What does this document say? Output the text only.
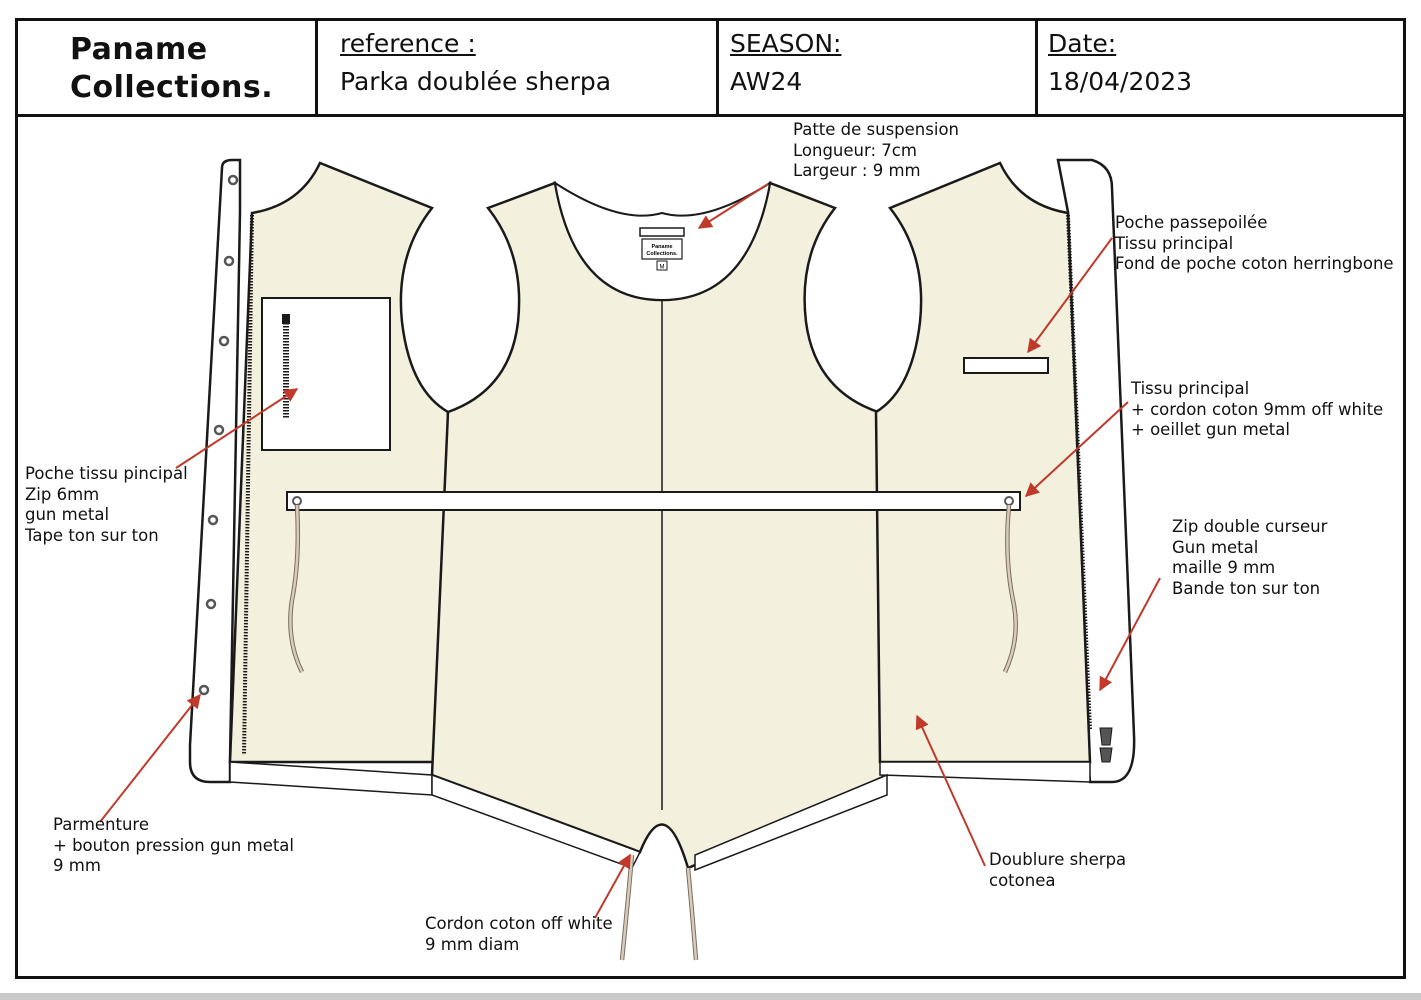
Paname
Collections.
reference :
Parka doublée sherpa
SEASON:
AW24
Date:
18/04/2023
Paname
Collections.
M
Patte de suspension
Longueur: 7cm
Largeur : 9 mm
Poche passepoilée
Tissu principal
Fond de poche coton herringbone
Tissu principal
+ cordon coton 9mm off white
+ oeillet gun metal
Zip double curseur
Gun metal
maille 9 mm
Bande ton sur ton
Poche tissu pincipal
Zip 6mm
gun metal
Tape ton sur ton
Parmenture
+ bouton pression gun metal
9 mm
Cordon coton off white
9 mm diam
Doublure sherpa
cotonea
